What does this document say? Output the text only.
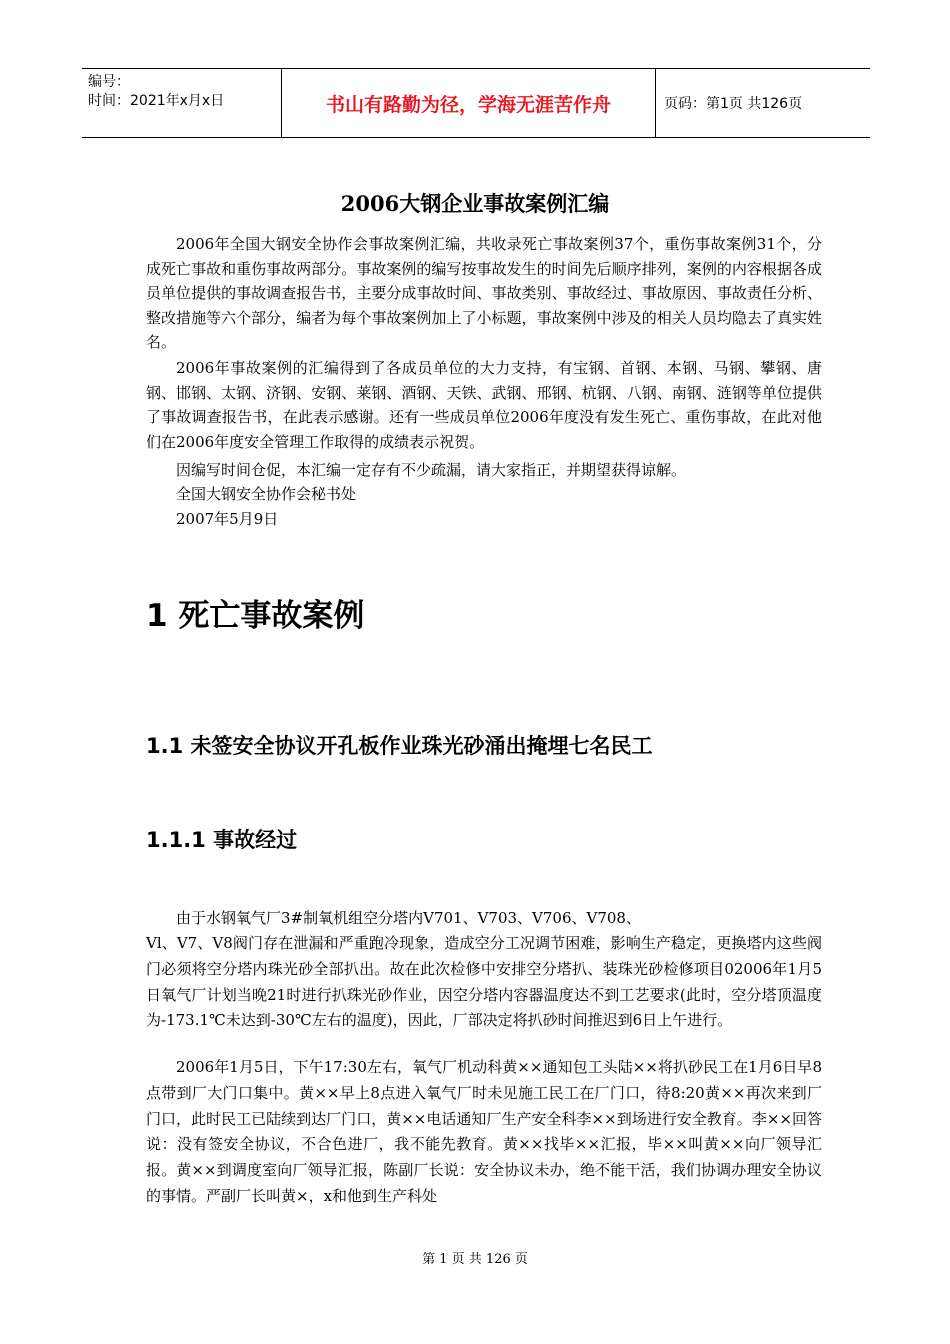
编号：
时间：2021年x月x日	书山有路勤为径，学海无涯苦作舟	页码：第1页 共126页
2006大钢企业事故案例汇编

2006年全国大钢安全协作会事故案例汇编，共收录死亡事故案例37个，重伤事故案例31个，分成死亡事故和重伤事故两部分。事故案例的编写按事故发生的时间先后顺序排列，案例的内容根据各成员单位提供的事故调查报告书，主要分成事故时间、事故类别、事故经过、事故原因、事故责任分析、整改措施等六个部分，编者为每个事故案例加上了小标题，事故案例中涉及的相关人员均隐去了真实姓名。

2006年事故案例的汇编得到了各成员单位的大力支持，有宝钢、首钢、本钢、马钢、攀钢、唐钢、邯钢、太钢、济钢、安钢、莱钢、酒钢、天铁、武钢、邢钢、杭钢、八钢、南钢、涟钢等单位提供了事故调查报告书，在此表示感谢。还有一些成员单位2006年度没有发生死亡、重伤事故，在此对他们在2006年度安全管理工作取得的成绩表示祝贺。

因编写时间仓促，本汇编一定存有不少疏漏，请大家指正，并期望获得谅解。

全国大钢安全协作会秘书处
2007年5月9日
1 死亡事故案例
1.1 未签安全协议开孔板作业珠光砂涌出掩埋七名民工
1.1.1 事故经过
由于水钢氧气厂3#制氧机组空分塔内V701、V703、V706、V708、

Vl、V7、V8阀门存在泄漏和严重跑冷现象，造成空分工况调节困难，影响生产稳定，更换塔内这些阀门必须将空分塔内珠光砂全部扒出。故在此次检修中安排空分塔扒、装珠光砂检修项目02006年1月5日氧气厂计划当晚21时进行扒珠光砂作业，因空分塔内容器温度达不到工艺要求(此时，空分塔顶温度为-173.1℃未达到-30℃左右的温度)，因此，厂部决定将扒砂时间推迟到6日上午进行。

2006年1月5日，下午17:30左右，氧气厂机动科黄××通知包工头陆××将扒砂民工在1月6日早8点带到厂大门口集中。黄××早上8点进入氧气厂时未见施工民工在厂门口，待8:20黄××再次来到厂门口，此时民工已陆续到达厂门口，黄××电话通知厂生产安全科李××到场进行安全教育。李××回答说：没有签安全协议，不合色进厂，我不能先教育。黄××找毕××汇报，毕××叫黄××向厂领导汇报。黄××到调度室向厂领导汇报，陈副厂长说：安全协议未办，绝不能干活，我们协调办理安全协议的事情。严副厂长叫黄×，x和他到生产科处

第 1 页 共 126 页
